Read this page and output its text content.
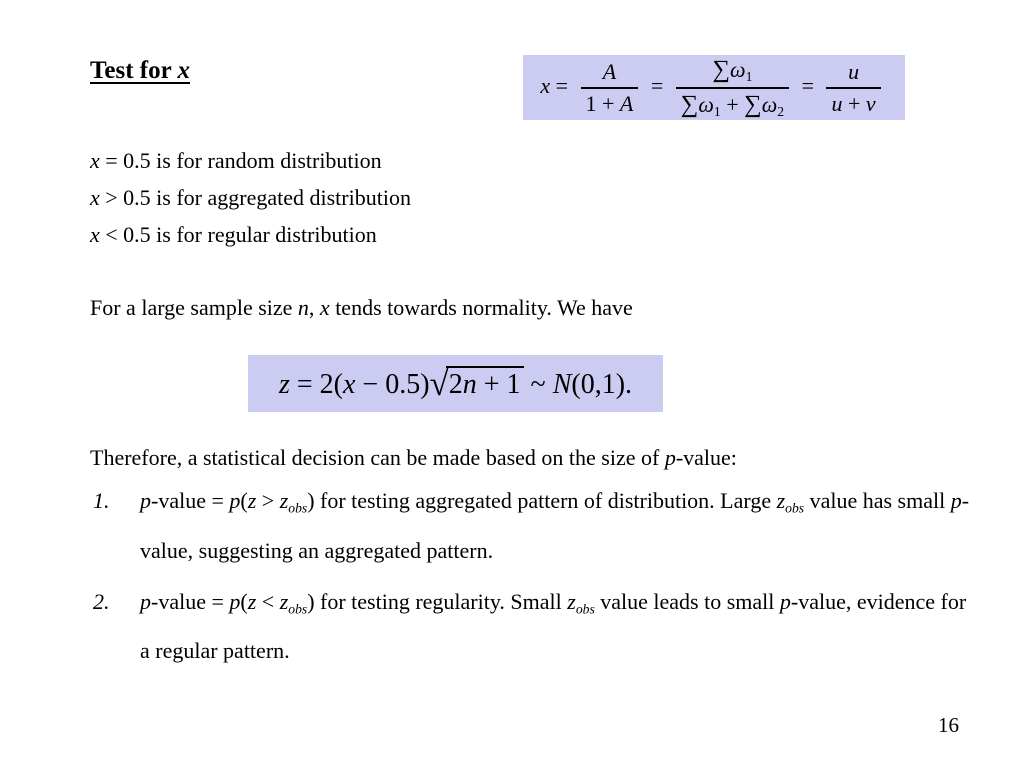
Test for x
$x = \frac{A}{1 + A} = \frac{\sum\omega 1}{\sum\omega 1 + \sum\omega 2} = \frac{u}{u + v}$

x = 0.5 is for random distribution

x > 0.5 is for aggregated distribution

x < 0.5 is for regular distribution

For a large sample size n, x tends towards normality. We have
z = 2(x − 0.5) √ 2n + 1 ~ N(0,1).
Therefore, a statistical decision can be made based on the size of p-value:
1. p-value = $p(z > z_{obs})$ for testing aggregated pattern of distribution. Large $z_{obs}$ value has small p-value, suggesting an aggregated pattern.
2. p-value = $p(z < z_{obs})$ for testing regularity. Small $z_{obs}$ value leads to small p-value, evidence for a regular pattern.
16
